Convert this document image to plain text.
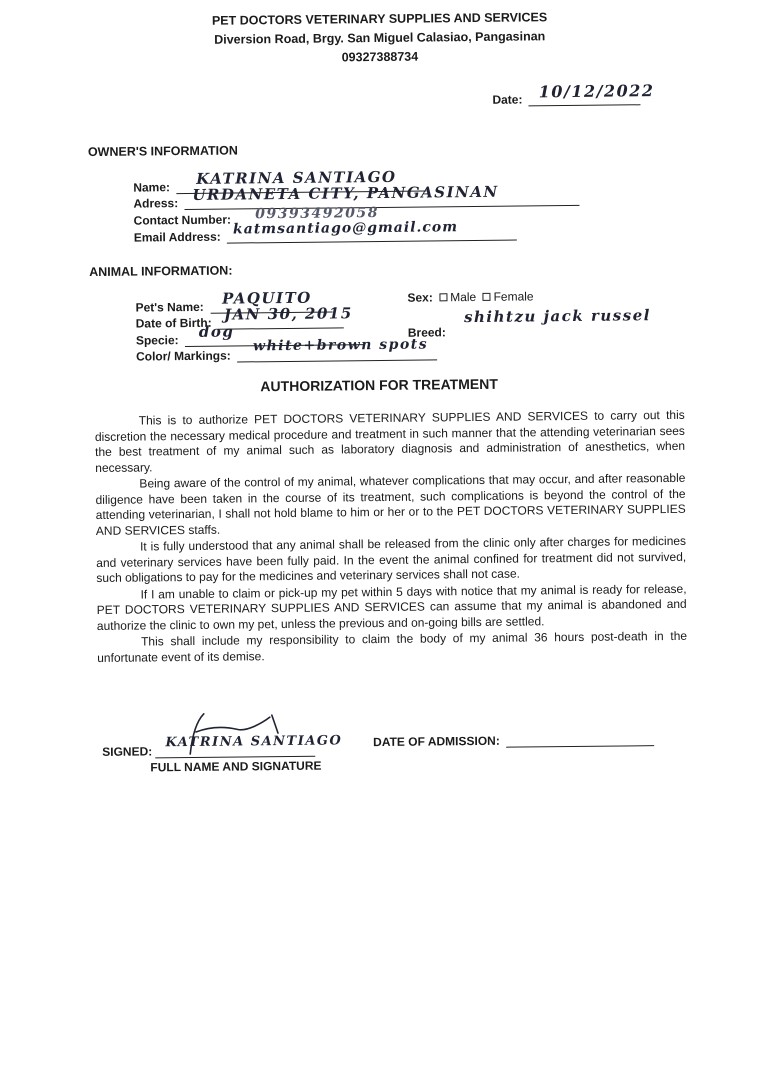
PET DOCTORS VETERINARY SUPPLIES AND SERVICES
Diversion Road, Brgy. San Miguel Calasiao, Pangasinan
09327388734
Date: 10/12/2022
OWNER'S INFORMATION
Name: KATRINA SANTIAGO
Adress: URDANETA CITY, PANGASINAN
Contact Number: 09393492058
Email Address: katmsantiago@gmail.com
ANIMAL INFORMATION:
Pet's Name: PAQUITO
Date of Birth: JAN 30, 2015
Specie: dog
Color/ Markings:
white+brown spots
Sex: Male Female
Breed:
shihtzu jack russel
AUTHORIZATION FOR TREATMENT

This is to authorize PET DOCTORS VETERINARY SUPPLIES AND SERVICES to carry out this discretion the necessary medical procedure and treatment in such manner that the attending veterinarian sees the best treatment of my animal such as laboratory diagnosis and administration of anesthetics, when necessary.

Being aware of the control of my animal, whatever complications that may occur, and after reasonable diligence have been taken in the course of its treatment, such complications is beyond the control of the attending veterinarian, I shall not hold blame to him or her or to the PET DOCTORS VETERINARY SUPPLIES AND SERVICES staffs.

It is fully understood that any animal shall be released from the clinic only after charges for medicines and veterinary services have been fully paid. In the event the animal confined for treatment did not survived, such obligations to pay for the medicines and veterinary services shall not case.

If I am unable to claim or pick-up my pet within 5 days with notice that my animal is ready for release, PET DOCTORS VETERINARY SUPPLIES AND SERVICES can assume that my animal is abandoned and authorize the clinic to own my pet, unless the previous and on-going bills are settled.

This shall include my responsibility to claim the body of my animal 36 hours post-death in the unfortunate event of its demise.

SIGNED:
KATRINA SANTIAGO
FULL NAME AND SIGNATURE
DATE OF ADMISSION:
